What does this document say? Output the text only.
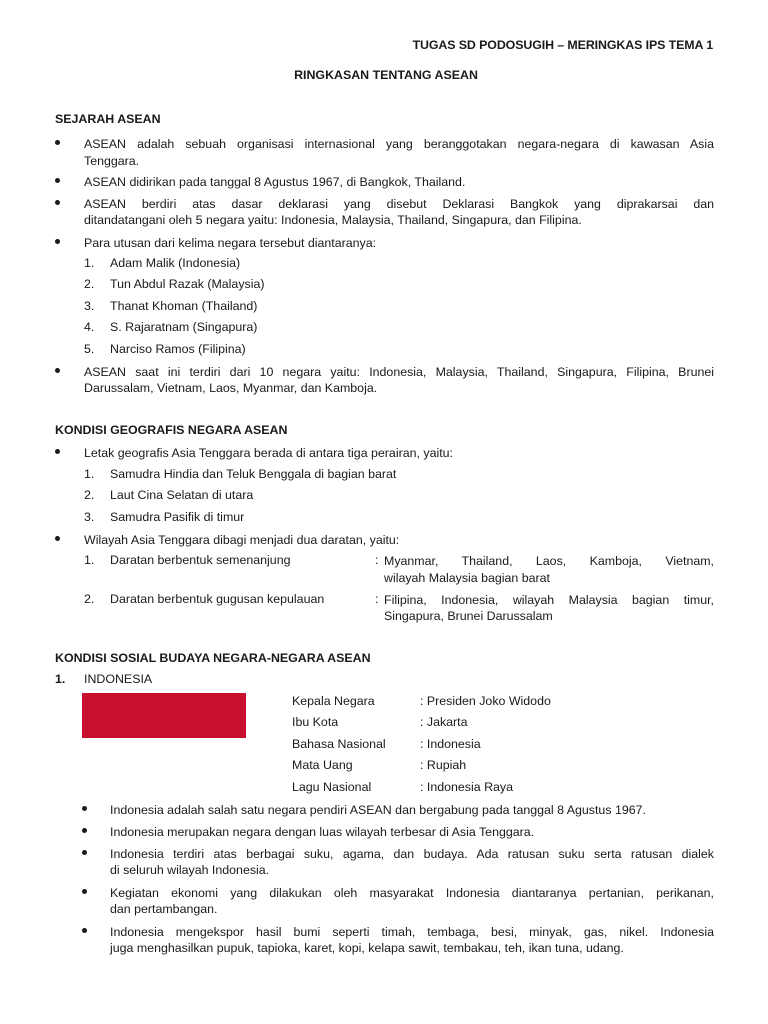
TUGAS SD PODOSUGIH – MERINGKAS IPS TEMA 1
RINGKASAN TENTANG ASEAN
SEJARAH ASEAN
ASEAN adalah sebuah organisasi internasional yang beranggotakan negara-negara di kawasan Asia
Tenggara.
ASEAN didirikan pada tanggal 8 Agustus 1967, di Bangkok, Thailand.
ASEAN berdiri atas dasar deklarasi yang disebut Deklarasi Bangkok yang diprakarsai dan
ditandatangani oleh 5 negara yaitu: Indonesia, Malaysia, Thailand, Singapura, dan Filipina.
Para utusan dari kelima negara tersebut diantaranya:
1. Adam Malik (Indonesia)
2. Tun Abdul Razak (Malaysia)
3. Thanat Khoman (Thailand)
4. S. Rajaratnam (Singapura)
5. Narciso Ramos (Filipina)
ASEAN saat ini terdiri dari 10 negara yaitu: Indonesia, Malaysia, Thailand, Singapura, Filipina, Brunei
Darussalam, Vietnam, Laos, Myanmar, dan Kamboja.
KONDISI GEOGRAFIS NEGARA ASEAN
Letak geografis Asia Tenggara berada di antara tiga perairan, yaitu:
1. Samudra Hindia dan Teluk Benggala di bagian barat
2. Laut Cina Selatan di utara
3. Samudra Pasifik di timur
Wilayah Asia Tenggara dibagi menjadi dua daratan, yaitu:
1. Daratan berbentuk semenanjung	: Myanmar, Thailand, Laos, Kamboja, Vietnam,
wilayah Malaysia bagian barat
2. Daratan berbentuk gugusan kepulauan	: Filipina, Indonesia, wilayah Malaysia bagian timur,
Singapura, Brunei Darussalam
KONDISI SOSIAL BUDAYA NEGARA-NEGARA ASEAN
1. INDONESIA
Kepala Negara	: Presiden Joko Widodo
Ibu Kota	: Jakarta
Bahasa Nasional	: Indonesia
Mata Uang	: Rupiah
Lagu Nasional	: Indonesia Raya
Indonesia adalah salah satu negara pendiri ASEAN dan bergabung pada tanggal 8 Agustus 1967.
Indonesia merupakan negara dengan luas wilayah terbesar di Asia Tenggara.
Indonesia terdiri atas berbagai suku, agama, dan budaya. Ada ratusan suku serta ratusan dialek
di seluruh wilayah Indonesia.
Kegiatan ekonomi yang dilakukan oleh masyarakat Indonesia diantaranya pertanian, perikanan,
dan pertambangan.
Indonesia mengekspor hasil bumi seperti timah, tembaga, besi, minyak, gas, nikel. Indonesia
juga menghasilkan pupuk, tapioka, karet, kopi, kelapa sawit, tembakau, teh, ikan tuna, udang.
